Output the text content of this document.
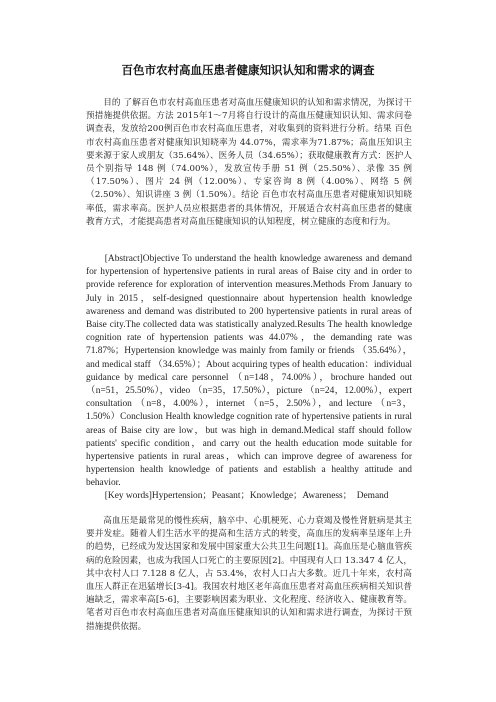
百色市农村高血压患者健康知识认知和需求的调查

目的 了解百色市农村高血压患者对高血压健康知识的认知和需求情况，为探讨干预措施提供依据。方法 2015年1～7月将自行设计的高血压健康知识认知、需求问卷调查表，发放给200例百色市农村高血压患者，对收集到的资料进行分析。结果 百色市农村高血压患者对健康知识知晓率为 44.07%，需求率为71.87%；高血压知识主要来源于家人或朋友（35.64%）、医务人员（34.65%）；获取健康教育方式：医护人员个别指导 148 例（74.00%），发放宣传手册 51 例（25.50%）、录像 35 例（17.50%）、图片 24 例（12.00%）、专家咨询 8 例（4.00%）、网络 5 例（2.50%）、知识讲座 3 例（1.50%）。结论 百色市农村高血压患者对健康知识知晓率低，需求率高。医护人员应根据患者的具体情况，开展适合农村高血压患者的健康教育方式，才能提高患者对高血压健康知识的认知程度，树立健康的态度和行为。

[Abstract]Objective To understand the health knowledge awareness and demand for hypertension of hypertensive patients in rural areas of Baise city and in order to provide reference for exploration of intervention measures.Methods From January to July in 2015，self-designed questionnaire about hypertension health knowledge awareness and demand was distributed to 200 hypertensive patients in rural areas of Baise city.The collected data was statistically analyzed.Results The health knowledge cognition rate of hypertension patients was 44.07%，the demanding rate was 71.87%；Hypertension knowledge was mainly from family or friends （35.64%），and medical staff （34.65%）；About acquiring types of health education：individual guidance by medical care personnel （n=148，74.00%），brochure handed out （n=51，25.50%），video （n=35，17.50%），picture （n=24，12.00%），expert consultation （n=8，4.00%），internet （n=5，2.50%），and lecture （n=3，1.50%）Conclusion Health knowledge cognition rate of hypertensive patients in rural areas of Baise city are low，but was high in demand.Medical staff should follow patients' specific condition，and carry out the health education mode suitable for hypertensive patients in rural areas，which can improve degree of awareness for hypertension health knowledge of patients and establish a healthy attitude and behavior.

[Key words]Hypertension；Peasant；Knowledge；Awareness；　Demand

高血压是最常见的慢性疾病，脑卒中、心肌梗死、心力衰竭及慢性肾脏病是其主要并发症。随着人们生活水平的提高和生活方式的转变，高血压的发病率呈逐年上升的趋势，已经成为发达国家和发展中国家重大公共卫生问题[1]。高血压是心脑血管疾病的危险因素，也成为我国人口死亡的主要原因[2]。中国现有人口 13.347 4 亿人，其中农村人口 7.128 8 亿人，占 53.4%，农村人口占大多数。近几十年来，农村高血压人群正在迅猛增长[3-4]。我国农村地区老年高血压患者对高血压疾病相关知识普遍缺乏，需求率高[5-6]，主要影响因素为职业、文化程度、经济收入、健康教育等。笔者对百色市农村高血压患者对高血压健康知识的认知和需求进行调查，为探讨干预措施提供依据。
